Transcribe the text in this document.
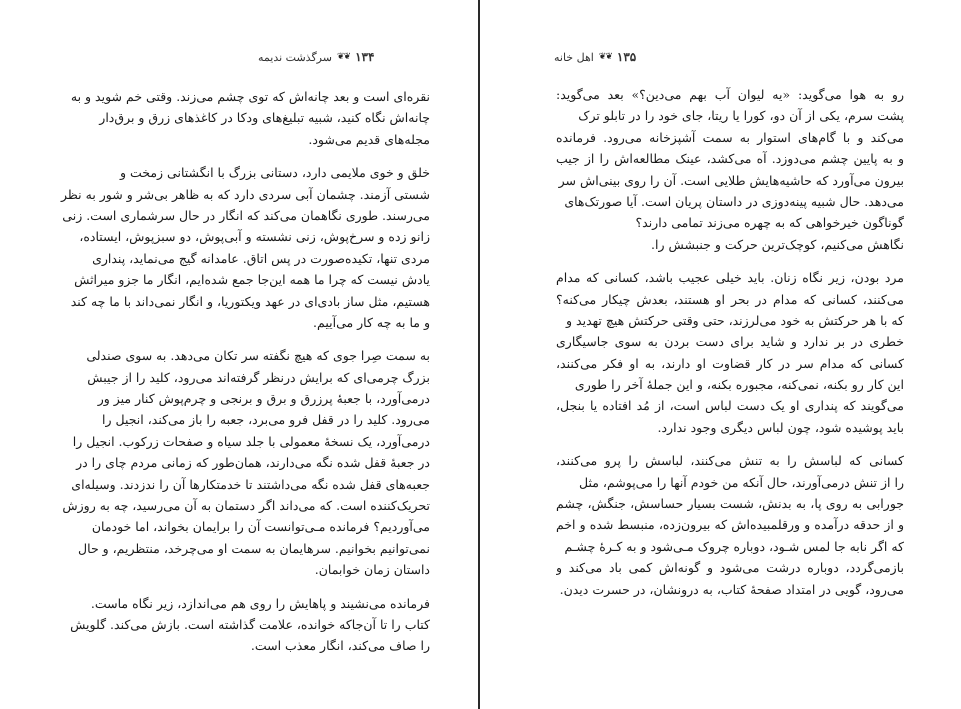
۱۳۴
❦❦
سرگذشت ندیمه
نقره‌ای است و بعد چانه‌اش که توی چشم می‌زند. وقتی خم شوید و به
چانه‌اش نگاه کنید، شبیه تبلیغ‌های ودکا در کاغذهای زرق و برق‌دار
مجله‌های قدیم می‌شود.
خلق و خوی ملایمی دارد، دستانی بزرگ با انگشتانی زمخت و
شستی آزمند. چشمان آبی سردی دارد که به ظاهر بی‌شر و شور به نظر
می‌رسند. طوری نگاهمان می‌کند که انگار در حال سرشماری است. زنی
زانو زده و سرخ‌پوش، زنی نشسته و آبی‌پوش، دو سبزپوش، ایستاده،
مردی تنها، تکیده‌صورت در پس اتاق. عامدانه گیج می‌نماید، پنداری
یادش نیست که چرا ما همه این‌جا جمع شده‌ایم، انگار ما جزو میراثش
هستیم، مثل ساز بادی‌ای در عهد ویکتوریا، و انگار نمی‌داند با ما چه کند
و ما به چه کار می‌آییم.
به سمت صِرا جوی که هیچ نگفته سر تکان می‌دهد. به سوی صندلی
بزرگ چرمی‌ای که برایش درنظر گرفته‌اند می‌رود، کلید را از جیبش
درمی‌آورد، با جعبهٔ پرزرق و برق و برنجی و چرم‌پوش کنار میز ور
می‌رود. کلید را در قفل فرو می‌برد، جعبه را باز می‌کند، انجیل را
درمی‌آورد، یک نسخهٔ معمولی با جلد سیاه و صفحات زرکوب. انجیل را
در جعبهٔ قفل شده نگه می‌دارند، همان‌طور که زمانی مردم چای را در
جعبه‌های قفل شده نگه می‌داشتند تا خدمتکارها آن را ندزدند. وسیله‌ای
تحریک‌کننده است. که می‌داند اگر دستمان به آن می‌رسید، چه به روزش
می‌آوردیم؟ فرمانده مـی‌توانست آن را برایمان بخواند، اما خودمان
نمی‌توانیم بخوانیم. سرهایمان به سمت او می‌چرخد، منتظریم، و حال
داستان زمان خوابمان.
فرمانده می‌نشیند و پاهایش را روی هم می‌اندازد، زیر نگاه ماست.
کتاب را تا آن‌جاکه خوانده، علامت گذاشته است. بازش می‌کند. گلویش
را صاف می‌کند، انگار معذب است.
۱۳۵
❦❦
اهل خانه
رو به هوا می‌گوید: «یه لیوان آب بهم می‌دین؟» بعد می‌گوید:
پشت سرم، یکی از آن دو، کورا یا ریتا، جای خود را در تابلو ترک
می‌کند و با گام‌های استوار به سمت آشپزخانه می‌رود. فرمانده
و به پایین چشم می‌دوزد. آه می‌کشد، عینک مطالعه‌اش را از جیب
بیرون می‌آورد که حاشیه‌هایش طلایی است. آن را روی بینی‌اش سر
می‌دهد. حال شبیه پینه‌دوزی در داستان پریان است. آیا صورتک‌های
گوناگون خیرخواهی که به چهره می‌زند تمامی دارند؟
نگاهش می‌کنیم، کوچک‌ترین حرکت و جنبشش را.
مرد بودن، زیر نگاه زنان. باید خیلی عجیب باشد، کسانی که مدام
می‌کنند، کسانی که مدام در بحر او هستند، بعدش چیکار می‌کنه؟
که با هر حرکتش به خود می‌لرزند، حتی وقتی حرکتش هیچ تهدید و
خطری در بر ندارد و شاید برای دست بردن به سوی جاسیگاری
کسانی که مدام سر در کار قضاوت او دارند، به او فکر می‌کنند،
این کار رو بکنه، نمی‌کنه، مجبوره بکنه، و این جملهٔ آخر را طوری
می‌گویند که پنداری او یک دست لباس است، از مُد افتاده یا بنجل،
باید پوشیده شود، چون لباس دیگری وجود ندارد.
کسانی که لباسش را به تنش می‌کنند، لباسش را پرو می‌کنند،
را از تنش درمی‌آورند، حال آنکه من خودم آنها را می‌پوشم، مثل
جورابی به روی پا، به بدنش، شست بسیار حساسش، جنگش، چشم
و از حدقه درآمده و ورقلمبیده‌اش که بیرون‌زده، منبسط شده و اخم
که اگر نابه جا لمس شـود، دوباره چروک مـی‌شود و به کـرهٔ چشـم
بازمی‌گردد، دوباره درشت می‌شود و گونه‌اش کمی باد می‌کند و
می‌رود، گویی در امتداد صفحهٔ کتاب، به درونشان، در حسرت دیدن.
